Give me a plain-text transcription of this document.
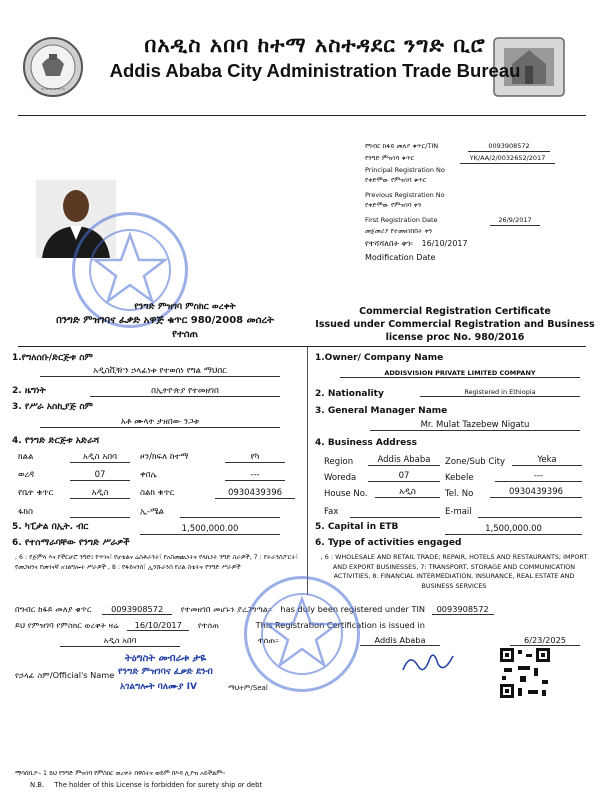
~~~~~~
በአዲስ አበባ ከተማ አስተዳደር ንግድ ቢሮ
Addis Ababa City Administration Trade Bureau
የግብር ከፋይ መለያ ቁጥር/TIN	0093908572
የንግድ ምዝገባ ቁጥር	YK/AA/2/0032652/2017
Principal Registration No
የቀድሞው የምዝገባ ቁጥር
Previous Registration No
የቀድሞው የምዝገባ ቀን
First Registration Date	26/9/2017
መጀመሪያ የተመዘገበበት ቀን
የተሻሻለበት ቀን፡ 16/10/2017
Modification Date
የንግድ ምዝገባ ምስክር ወረቀት
በንግድ ምዝገባና ፈቃድ አዋጅ ቁጥር 980/2008 መሰረት
የተሰጠ
Commercial Registration Certificate
Issued under Commercial Registration and Business
license proc No. 980/2016
1.የግለሰቡ/ድርጅቱ ስም
አዲስቪዥን ኃላፊነቱ የተወሰነ የግል ማህበር
2. ዜግነት	በኢትዮጵያ የተመዘገበ
3. የሥራ አስኪያጅ ስም
አቶ ሙላት ታዘበው ንጋቱ
4. የንግድ ድርጅቱ አድራሻ
ክልል	አዲስ አበባ	ዞን/ክፍለ ከተማ	የካ
ወረዳ	07	ቀበሌ	---
የቤት ቁጥር	አዲስ	ስልክ ቁጥር	0930439396
ፋክስ	ኢ-ሜል
5. ካፒታል በኢት. ብር	1,500,000.00
6. የተሰማራባቸው የንግድ ሥራዎች
, 6 : የጅምላ እና የችርቻሮ ንግድ፤ የጥገና፣ የሆቴልና ሬስቶራንት፣ የአስመጪነትና የላኪነት ንግድ ስራዎች, 7 : የትራንስፖርት፣ የመጋዘንና የመገናኛ አገልግሎት ሥራዎች , 8 : የፋይናንስ፣ ኢንሹራንስ የሪል ስቴትና የንግድ ሥራዎች
1.Owner/ Company Name
ADDISVISION PRIVATE LIMITED COMPANY
2. Nationality	Registered in Ethiopia
3. General Manager Name
Mr. Mulat Tazebew Nigatu
4. Business Address
Region	Addis Ababa	Zone/Sub City	Yeka
Woreda	07	Kebele	---
House No.	አዲስ	Tel. No	0930439396
Fax	E-mail
5. Capital in ETB	1,500,000.00
6. Type of activities engaged
, 6 : WHOLESALE AND RETAIL TRADE; REPAIR, HOTELS AND RESTAURANTS; IMPORT AND EXPORT BUSINESSES, 7: TRANSPORT, STORAGE AND COMMUNICATION ACTIVITIES, 8. FINANCIAL INTERMEDIATION, INSURANCE, REAL ESTATE AND BUSINESS SERVICES
በግብር ከፋይ መለያ ቁጥር 0093908572 የተመዘገበ መሆኑን ያረጋግጣል። has duly been registered under TIN 0093908572
ይህ የምዝገባ የምስክር ወረቀት ዛሬ 16/10/2017 የተሰጠ	This Registration Certification is issued in
አዲስ አበባ	ተሰጠ።	Addis Ababa	6/23/2025
የኃላፊ ስም/Official's Name
ትዕግስት መብራቱ ታዬ
የንግድ ምዝገባና ፈቃድ ደንብ
አገልግሎት ባለሙያ IV	ማህተም/Seal
ማሳሰቢያ፡- 1 ይህ የንግድ ምዝገባ የምስክር ወረቀት በዋስትና ወይም በእዳ ሊያዝ አይችልም።
N.B. The holder of this License is forbidden for surety ship or debt
